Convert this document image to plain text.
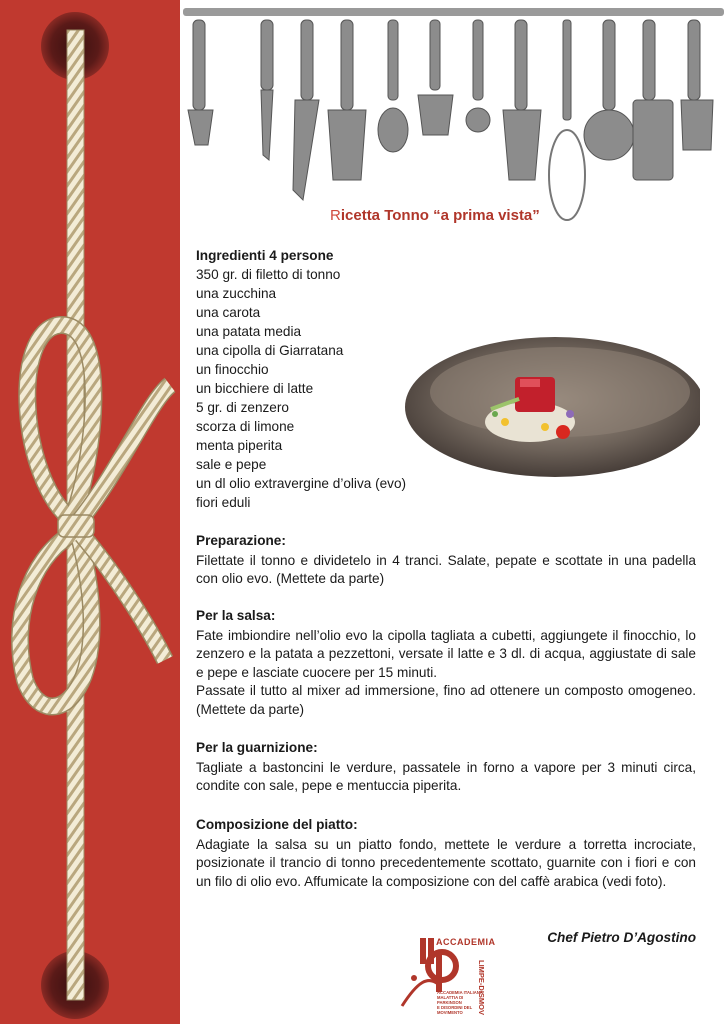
Ricetta Tonno “a prima vista”
Ingredienti 4 persone
350 gr. di filetto di tonno
una zucchina
una carota
una patata media
una cipolla di Giarratana
un finocchio
un bicchiere di latte
5 gr. di zenzero
scorza di limone
menta piperita
sale e pepe
un dl olio extravergine d’oliva (evo)
fiori eduli
Preparazione:

Filettate il tonno e dividetelo in 4 tranci. Salate, pepate e scottate in una padella con olio evo. (Mettete da parte)

Per la salsa:

Fate imbiondire nell’olio evo la cipolla tagliata a cubetti, aggiungete il finocchio, lo zenzero e la patata a pezzettoni, versate il latte e 3 dl. di acqua, aggiustate di sale e pepe e lasciate cuocere per 15 minuti.

Passate il tutto al mixer ad immersione, fino ad ottenere un composto omogeneo. (Mettete da parte)

Per la guarnizione:

Tagliate a bastoncini le verdure, passatele in forno a vapore per 3 minuti circa, condite con sale, pepe e mentuccia piperita.

Composizione del piatto:

Adagiate la salsa su un piatto fondo, mettete le verdure a torretta incrociate, posizionate il trancio di tonno precedentemente scottato, guarnite con i fiori e con un filo di olio evo. Affumicate la composizione con del caffè arabica (vedi foto).

Chef Pietro D’Agostino
ACCADEMIA
LIMPE-DISMOV
ACCADEMIA ITALIANA
MALATTIA DI PARKINSON
E DISORDINI DEL MOVIMENTO
